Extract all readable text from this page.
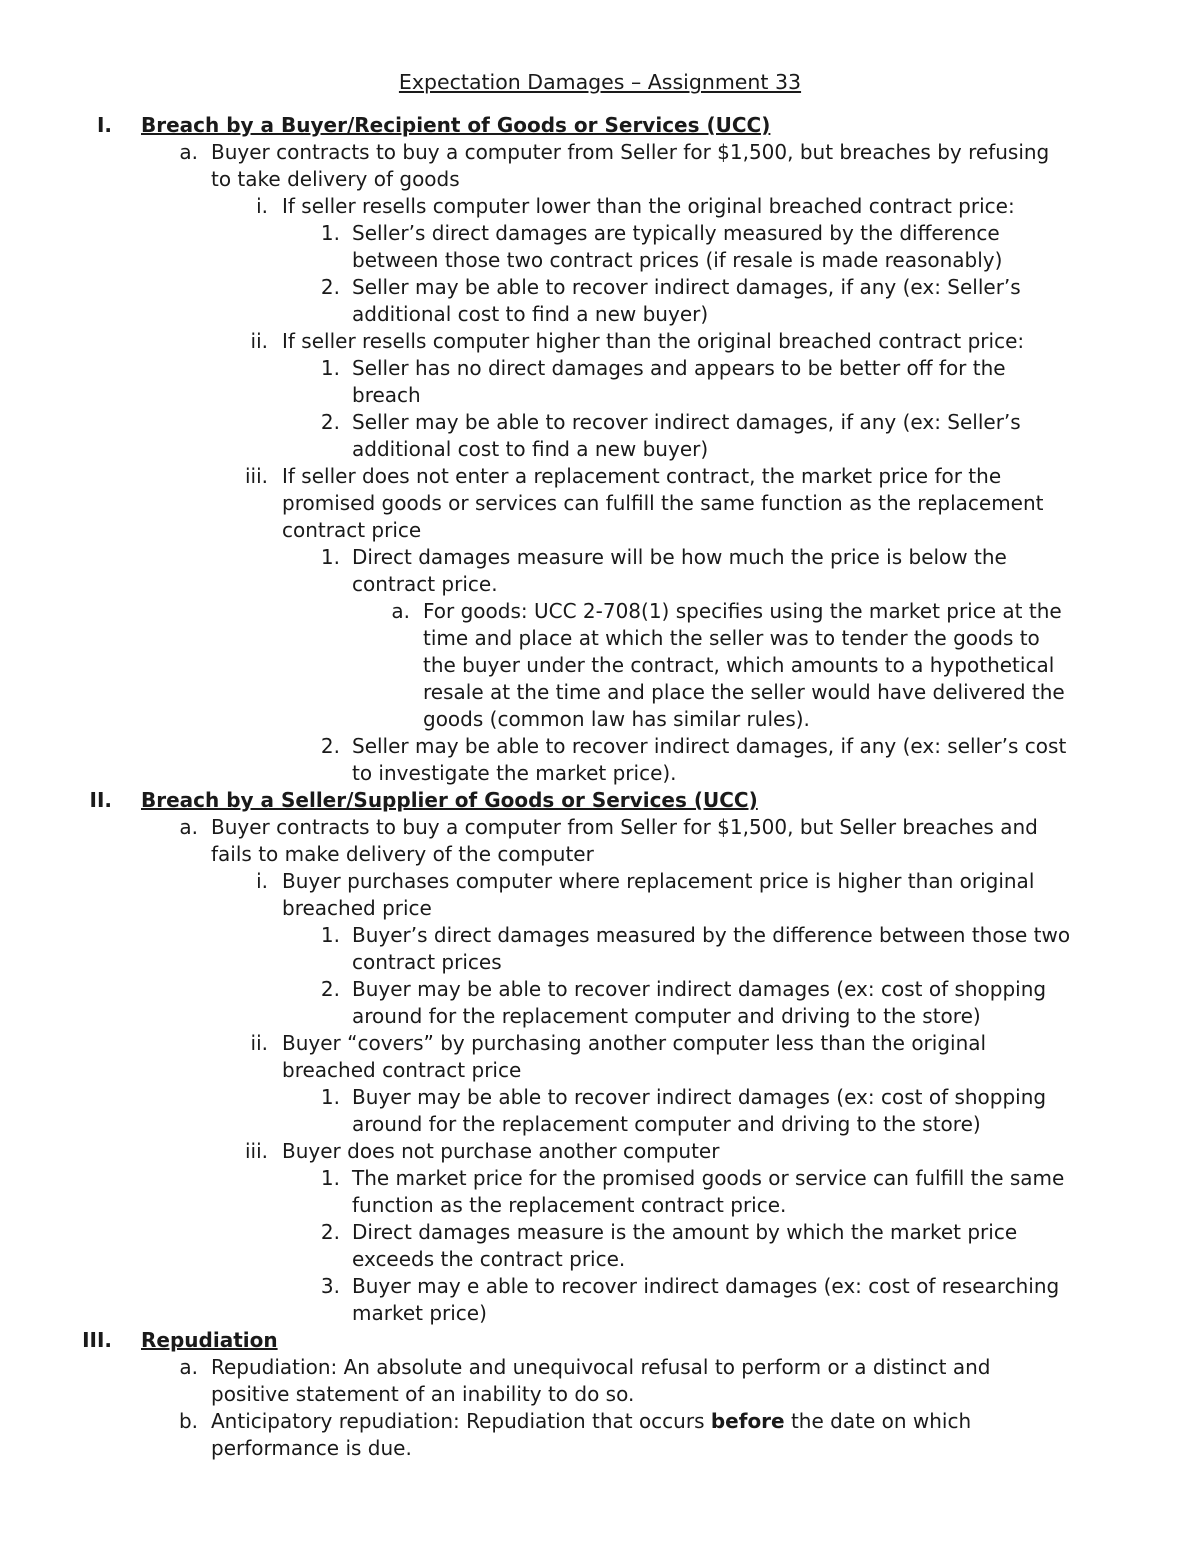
Expectation Damages – Assignment 33
I. Breach by a Buyer/Recipient of Goods or Services (UCC)
a. Buyer contracts to buy a computer from Seller for $1,500, but breaches by refusing
to take delivery of goods
i. If seller resells computer lower than the original breached contract price:
1. Seller’s direct damages are typically measured by the difference
between those two contract prices (if resale is made reasonably)
2. Seller may be able to recover indirect damages, if any (ex: Seller’s
additional cost to find a new buyer)
ii. If seller resells computer higher than the original breached contract price:
1. Seller has no direct damages and appears to be better off for the
breach
2. Seller may be able to recover indirect damages, if any (ex: Seller’s
additional cost to find a new buyer)
iii. If seller does not enter a replacement contract, the market price for the
promised goods or services can fulfill the same function as the replacement
contract price
1. Direct damages measure will be how much the price is below the
contract price.
a. For goods: UCC 2-708(1) specifies using the market price at the
time and place at which the seller was to tender the goods to
the buyer under the contract, which amounts to a hypothetical
resale at the time and place the seller would have delivered the
goods (common law has similar rules).
2. Seller may be able to recover indirect damages, if any (ex: seller’s cost
to investigate the market price).
II. Breach by a Seller/Supplier of Goods or Services (UCC)
a. Buyer contracts to buy a computer from Seller for $1,500, but Seller breaches and
fails to make delivery of the computer
i. Buyer purchases computer where replacement price is higher than original
breached price
1. Buyer’s direct damages measured by the difference between those two
contract prices
2. Buyer may be able to recover indirect damages (ex: cost of shopping
around for the replacement computer and driving to the store)
ii. Buyer “covers” by purchasing another computer less than the original
breached contract price
1. Buyer may be able to recover indirect damages (ex: cost of shopping
around for the replacement computer and driving to the store)
iii. Buyer does not purchase another computer
1. The market price for the promised goods or service can fulfill the same
function as the replacement contract price.
2. Direct damages measure is the amount by which the market price
exceeds the contract price.
3. Buyer may e able to recover indirect damages (ex: cost of researching
market price)
III. Repudiation
a. Repudiation: An absolute and unequivocal refusal to perform or a distinct and
positive statement of an inability to do so.
b. Anticipatory repudiation: Repudiation that occurs before the date on which
performance is due.
